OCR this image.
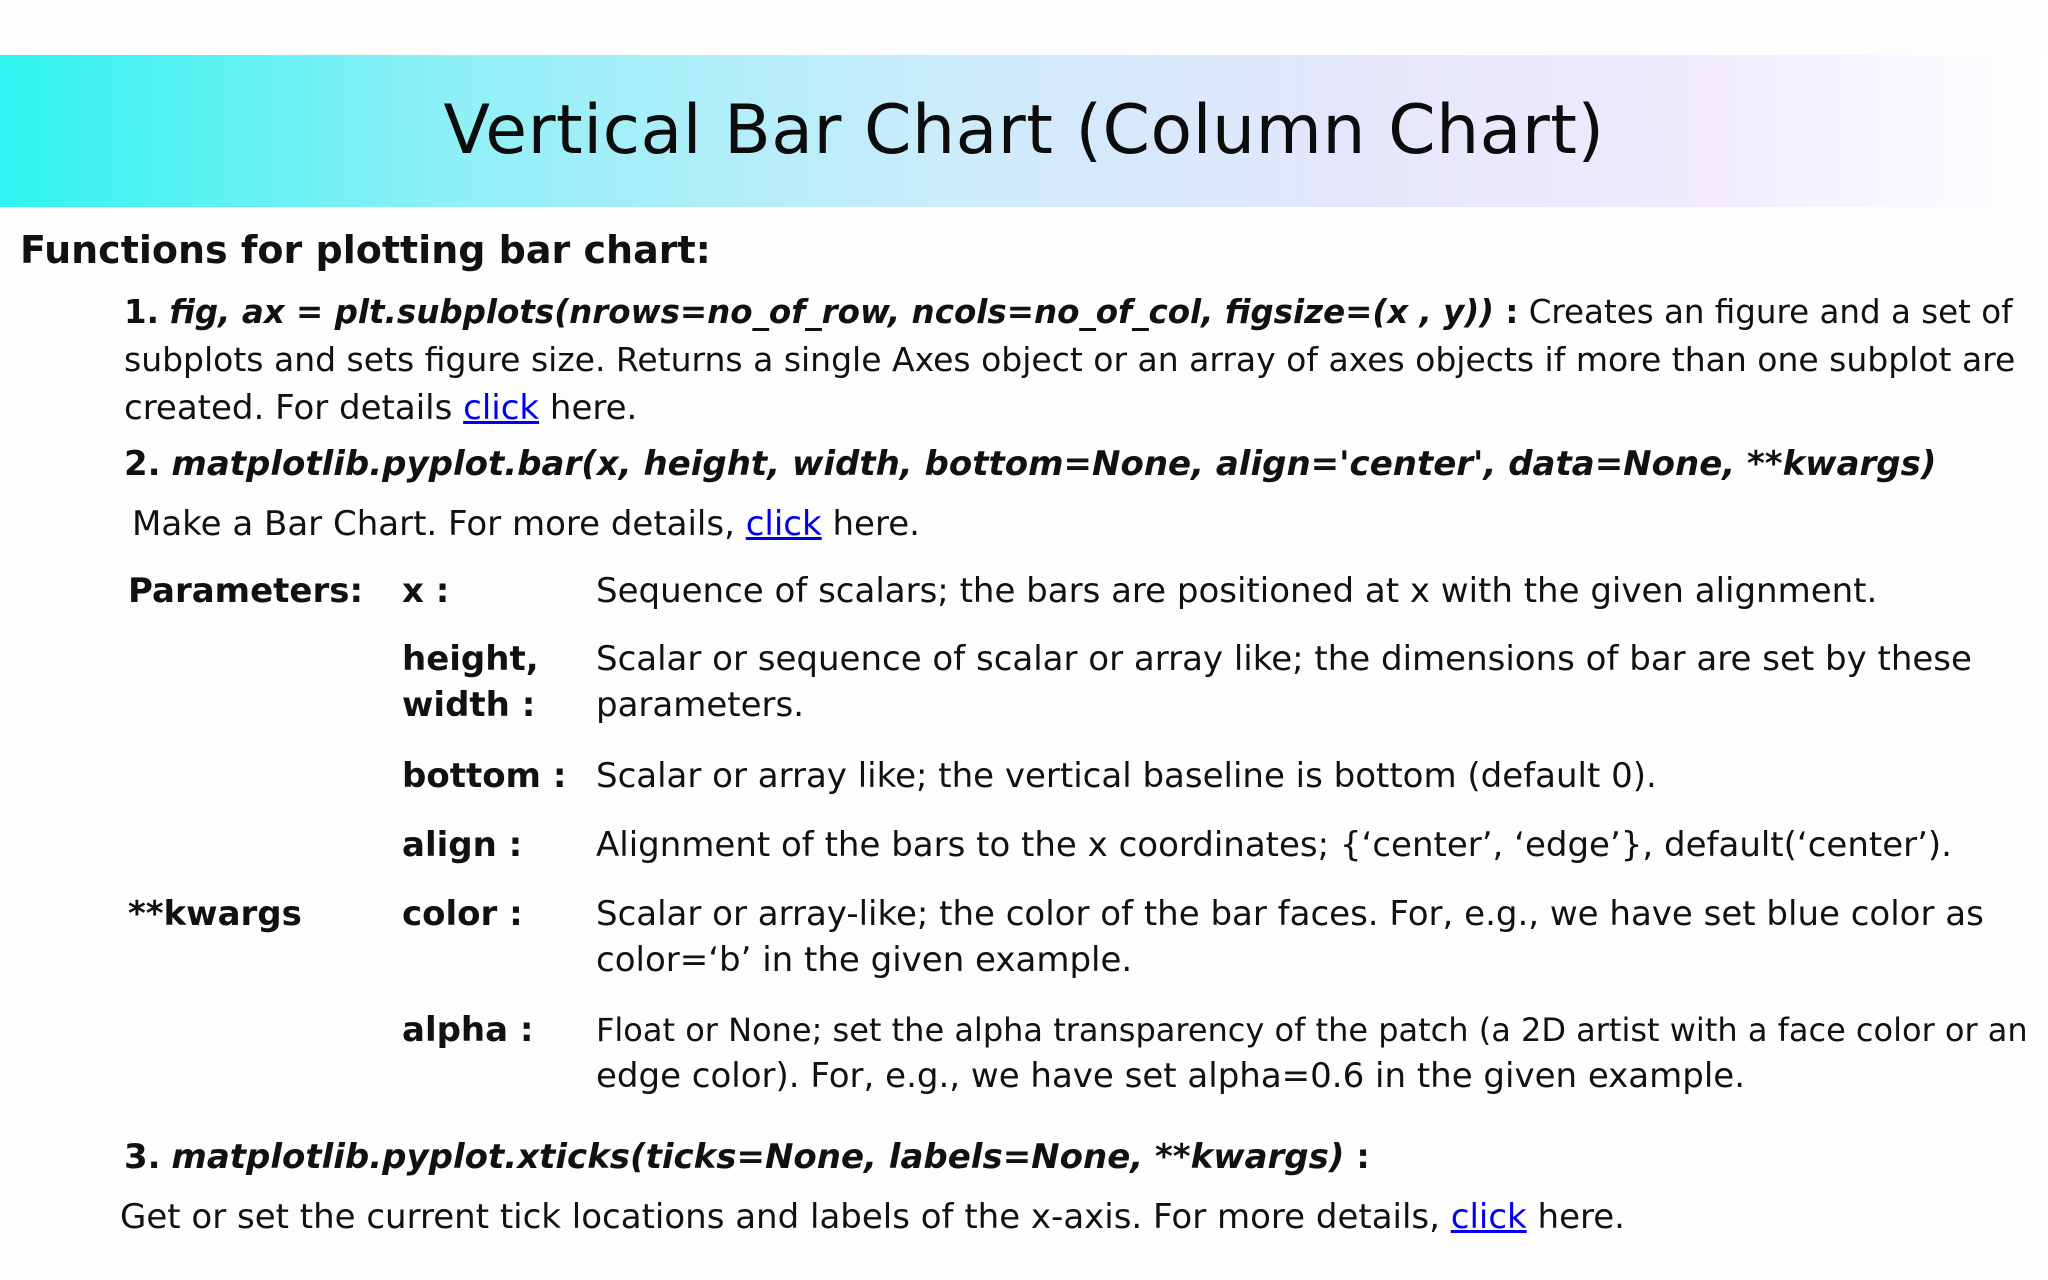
Vertical Bar Chart (Column Chart)
Functions for plotting bar chart:
1. fig, ax = plt.subplots(nrows=no_of_row, ncols=no_of_col, figsize=(x , y)) : Creates an figure and a set of
subplots and sets figure size. Returns a single Axes object or an array of axes objects if more than one subplot are
created. For details click here.
2. matplotlib.pyplot.bar(x, height, width, bottom=None, align='center', data=None, **kwargs)
Make a Bar Chart. For more details, click here.
Parameters: x :	Sequence of scalars; the bars are positioned at x with the given alignment.
height,
width :
Scalar or sequence of scalar or array like; the dimensions of bar are set by these
parameters.
bottom : Scalar or array like; the vertical baseline is bottom (default 0).
align : Alignment of the bars to the x coordinates; {‘center’, ‘edge’}, default(‘center’).
**kwargs	color : Scalar or array-like; the color of the bar faces. For, e.g., we have set blue color as
color=‘b’ in the given example.
alpha : Float or None; set the alpha transparency of the patch (a 2D artist with a face color or an
edge color). For, e.g., we have set alpha=0.6 in the given example.
3. matplotlib.pyplot.xticks(ticks=None, labels=None, **kwargs) :
Get or set the current tick locations and labels of the x-axis. For more details, click here.
